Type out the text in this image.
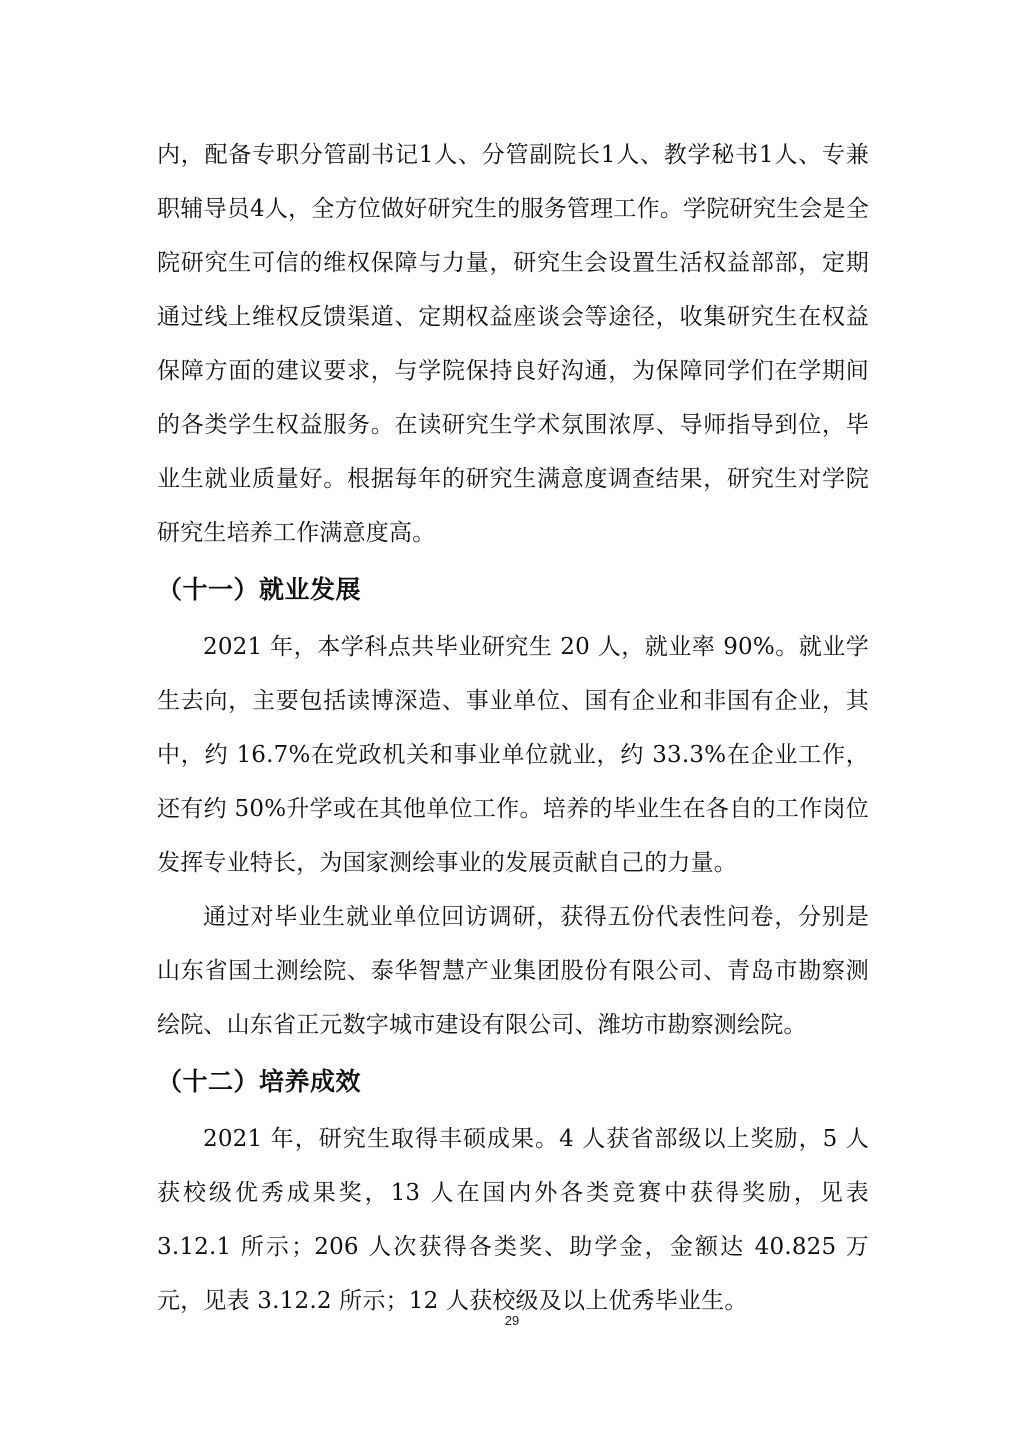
内，配备专职分管副书记1人、分管副院长1人、教学秘书1人、专兼职辅导员4人，全方位做好研究生的服务管理工作。学院研究生会是全院研究生可信的维权保障与力量，研究生会设置生活权益部部，定期通过线上维权反馈渠道、定期权益座谈会等途径，收集研究生在权益保障方面的建议要求，与学院保持良好沟通，为保障同学们在学期间的各类学生权益服务。在读研究生学术氛围浓厚、导师指导到位，毕业生就业质量好。根据每年的研究生满意度调查结果，研究生对学院研究生培养工作满意度高。

（十一）就业发展

2021 年，本学科点共毕业研究生 20 人，就业率 90%。就业学生去向，主要包括读博深造、事业单位、国有企业和非国有企业，其中，约 16.7%在党政机关和事业单位就业，约 33.3%在企业工作，还有约 50%升学或在其他单位工作。培养的毕业生在各自的工作岗位发挥专业特长，为国家测绘事业的发展贡献自己的力量。

通过对毕业生就业单位回访调研，获得五份代表性问卷，分别是山东省国土测绘院、泰华智慧产业集团股份有限公司、青岛市勘察测绘院、山东省正元数字城市建设有限公司、潍坊市勘察测绘院。

（十二）培养成效

2021 年，研究生取得丰硕成果。4 人获省部级以上奖励，5 人获校级优秀成果奖，13 人在国内外各类竞赛中获得奖励，见表 3.12.1 所示；206 人次获得各类奖、助学金，金额达 40.825 万元，见表 3.12.2 所示；12 人获校级及以上优秀毕业生。

29
